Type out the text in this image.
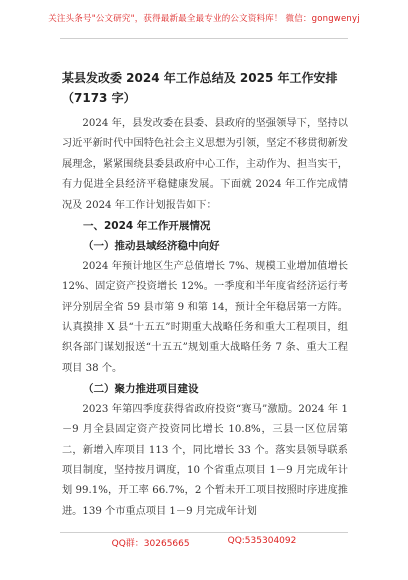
关注头条号"公文研究"，获得最新最全最专业的公文资料库！ 微信：gongwenyj
某县发改委 2024 年工作总结及 2025 年工作安排（7173 字）

2024 年，县发改委在县委、县政府的坚强领导下，坚持以习近平新时代中国特色社会主义思想为引领，坚定不移贯彻新发展理念，紧紧围绕县委县政府中心工作，主动作为、担当实干，有力促进全县经济平稳健康发展。下面就 2024 年工作完成情况及 2024 年工作计划报告如下：

一、2024 年工作开展情况

（一）推动县域经济稳中向好

2024 年预计地区生产总值增长 7%、规模工业增加值增长 12%、固定资产投资增长 12%。一季度和半年度省经济运行考评分别居全省 59 县市第 9 和第 14，预计全年稳居第一方阵。认真摸排 X 县“十五五”时期重大战略任务和重大工程项目，组织各部门谋划报送“十五五”规划重大战略任务 7 条、重大工程项目 38 个。

（二）聚力推进项目建设

2023 年第四季度获得省政府投资“赛马”激励。2024 年 1－9 月全县固定资产投资同比增长 10.8%，三县一区位居第二，新增入库项目 113 个，同比增长 33 个。落实县领导联系项目制度，坚持按月调度，10 个省重点项目 1－9 月完成年计划 99.1%，开工率 66.7%，2 个暂未开工项目按照时序进度推进。139 个市重点项目 1－9 月完成年计划

QQ群：30265665	QQ:535304092
